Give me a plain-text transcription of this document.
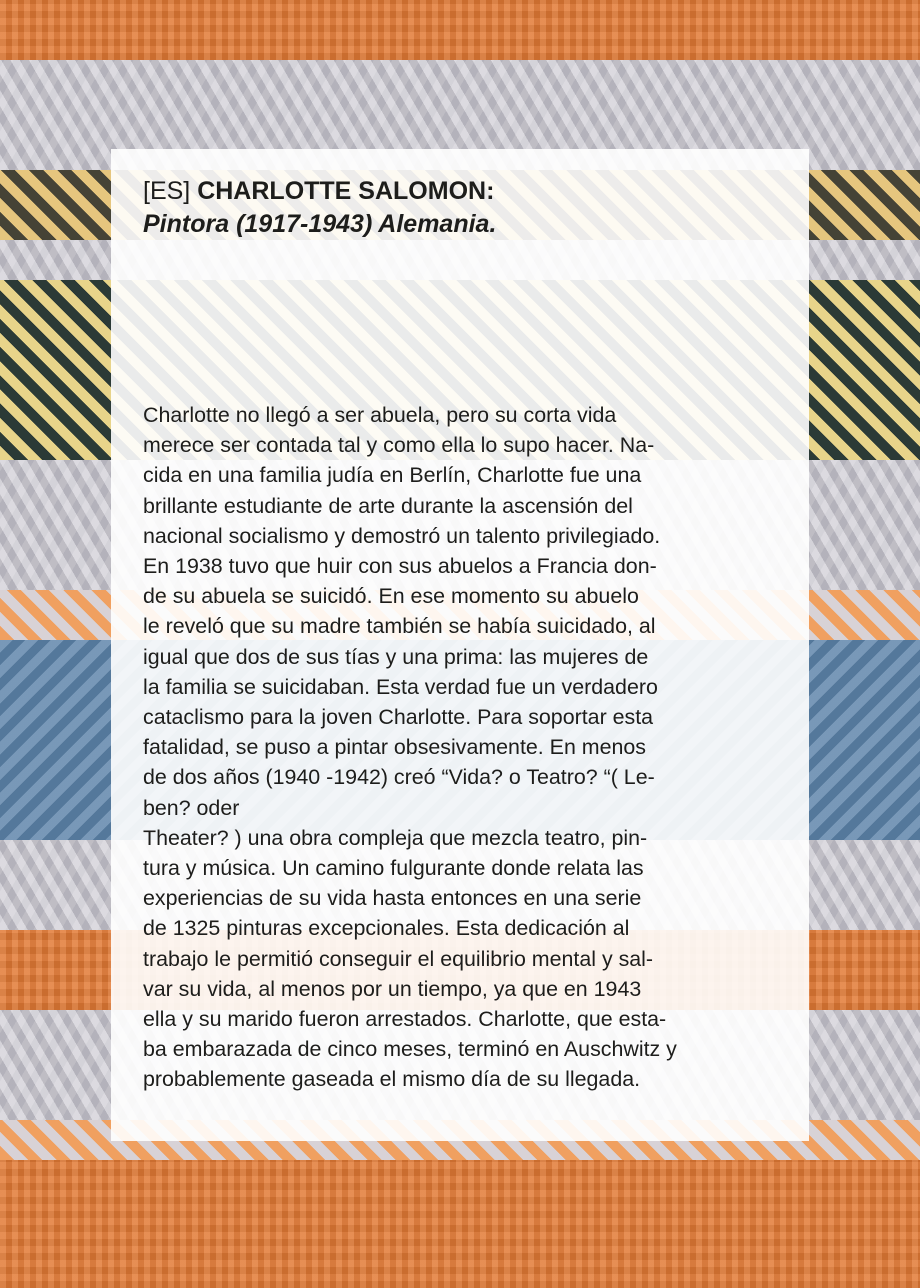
[ES] CHARLOTTE SALOMON:
Pintora (1917-1943) Alemania.
Charlotte no llegó a ser abuela, pero su corta vida
merece ser contada tal y como ella lo supo hacer. Na-
cida en una familia judía en Berlín, Charlotte fue una
brillante estudiante de arte durante la ascensión del
nacional socialismo y demostró un talento privilegiado.
En 1938 tuvo que huir con sus abuelos a Francia don-
de su abuela se suicidó. En ese momento su abuelo
le reveló que su madre también se había suicidado, al
igual que dos de sus tías y una prima: las mujeres de
la familia se suicidaban. Esta verdad fue un verdadero
cataclismo para la joven Charlotte. Para soportar esta
fatalidad, se puso a pintar obsesivamente. En menos
de dos años (1940 -1942) creó “Vida? o Teatro? “( Le-
ben? oder
Theater? ) una obra compleja que mezcla teatro, pin-
tura y música. Un camino fulgurante donde relata las
experiencias de su vida hasta entonces en una serie
de 1325 pinturas excepcionales. Esta dedicación al
trabajo le permitió conseguir el equilibrio mental y sal-
var su vida, al menos por un tiempo, ya que en 1943
ella y su marido fueron arrestados. Charlotte, que esta-
ba embarazada de cinco meses, terminó en Auschwitz y
probablemente gaseada el mismo día de su llegada.
